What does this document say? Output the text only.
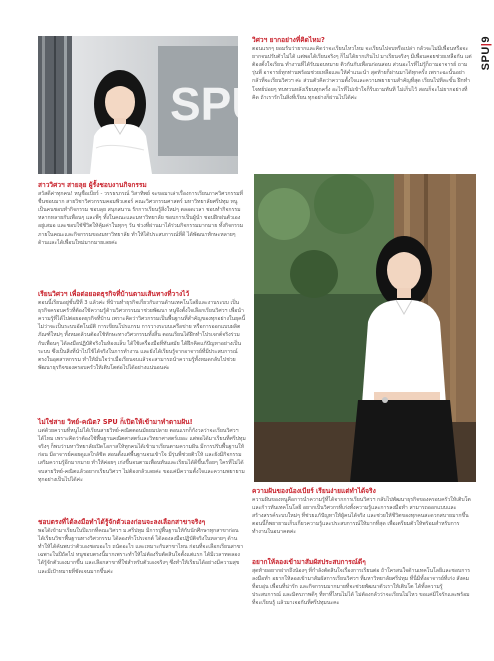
SPU
SPU|9
วิศวฯ ยากอย่างที่คิดไหม?
ตอนแรกๆ ยอมรับว่ายากและคิดว่าจะเรียนไหวไหม จะเรียนไปจบหรือเปล่า กลัวจะไม่มีเพื่อนหรือจะยากจนปรับตัวไม่ได้ แต่พอได้เรียนจริงๆ ก็ไม่ได้ยากเกินไป มาเรียนจริงๆ มีเพื่อนคอยช่วยเหลือกัน แต่ต้องตั้งใจเรียน ทำงานที่ได้รับมอบหมาย ติวกันกับเพื่อนก่อนสอบ ส่วนอะไรที่ไม่รู้ก็ถามอาจารย์ ถามรุ่นพี่ อาจารย์ทุกท่านพร้อมช่วยเหลือและให้คำแนะนำ สุดท้ายก็ผ่านมาได้ทุกครั้ง เพราะฉะนั้นอย่ากลัวที่จะเรียนวิศวฯ ค่ะ ส่วนตัวคิดว่าความตั้งใจและความพยายามสำคัญที่สุด เรียนไปทีละขั้น ฝึกทำโจทย์บ่อยๆ ทบทวนหลังเรียนทุกครั้ง อะไรที่ไม่เข้าใจก็รีบถามทันที ไม่เก็บไว้ สอบก็จะไม่ยากอย่างที่คิด ถ้าเรารักในสิ่งที่เรียน ทุกอย่างก็ผ่านไปได้ค่ะ
สาววิศวฯ สายลุย ผู้รั้งชอบงานกิจกรรม
สวัสดีค่าทุกคน! หนูชื่อเบียร์ - วรรธรภรณ์ วิสาทิพย์ จะขอมาเล่าเรื่องการเรียนภาควิศวกรรมที่ชื่นชอบมาก สายวิชาวิศวกรรมคอมพิวเตอร์ คณะวิศวกรรมศาสตร์ มหาวิทยาลัยศรีปทุม หนูเป็นคนชอบทำกิจกรรม ชอบลุย สนุกสนาน รักการเรียนรู้สิ่งใหม่ๆ ตลอดเวลา ชอบทำกิจกรรมหลากหลายกับเพื่อนๆ และพี่ๆ ทั้งในคณะและมหาวิทยาลัย ชอบการเป็นผู้นำ ชอบฝึกฝนตัวเองอยู่เสมอ และชอบใช้ชีวิตให้คุ้มค่าในทุกๆ วัน ช่วงที่ผ่านมาได้ร่วมกิจกรรมมากมาย ทั้งกิจกรรมภายในคณะและกิจกรรมของมหาวิทยาลัย ทำให้ได้ประสบการณ์ที่ดี ได้พัฒนาทักษะหลายๆ ด้านและได้เพื่อนใหม่มากมายเลยค่ะ
เรียนวิศวฯ เพื่อต่อยอดธุรกิจที่บ้านตามเส้นทางที่วางไว้
ตอนนี้เรียนอยู่ชั้นปีที่ 3 แล้วค่ะ ที่บ้านทำธุรกิจเกี่ยวกับงานด้านเทคโนโลยีและงานระบบ เป็นธุรกิจครอบครัวที่ต้องใช้ความรู้ด้านวิศวกรรมมาช่วยพัฒนา หนูจึงตั้งใจเลือกเรียนวิศวฯ เพื่อนำความรู้ที่ได้ไปต่อยอดธุรกิจที่บ้าน เพราะคิดว่าวิศวกรรมเป็นพื้นฐานที่สำคัญของทุกอย่างในยุคนี้ ไม่ว่าจะเป็นระบบอัตโนมัติ การเขียนโปรแกรม การวางระบบเครือข่าย หรือการออกแบบผลิตภัณฑ์ใหม่ๆ ทั้งหมดล้วนต้องใช้ทักษะทางวิศวกรรมทั้งสิ้น ตอนเรียนได้ฝึกทำโปรเจกต์จริงร่วมกับเพื่อนๆ ได้ลงมือปฏิบัติจริงในห้องแล็บ ได้ใช้เครื่องมือที่ทันสมัย ได้ฝึกคิดแก้ปัญหาอย่างเป็นระบบ ซึ่งเป็นสิ่งที่นำไปใช้ได้จริงในการทำงาน และยังได้เรียนรู้จากอาจารย์ที่มีประสบการณ์ตรงในอุตสาหกรรม ทำให้มั่นใจว่าเมื่อเรียนจบแล้วจะสามารถนำความรู้ทั้งหมดกลับไปช่วยพัฒนาธุรกิจของครอบครัวให้เติบโตต่อไปได้อย่างแน่นอนค่ะ
ไม่ใช่สาย วิทย์-คณิต? SPU ก็เปิดให้เข้ามาทำตามฝัน!
แต่ด้วยความที่หนูไม่ได้เรียนสายวิทย์-คณิตตอนมัธยมปลาย ตอนแรกก็กังวลว่าจะเรียนวิศวฯ ได้ไหม เพราะคิดว่าต้องใช้พื้นฐานคณิตศาสตร์และวิทยาศาสตร์เยอะ แต่พอได้มาเรียนที่ศรีปทุมจริงๆ ก็พบว่ามหาวิทยาลัยเปิดโอกาสให้ทุกคนได้เข้ามาเรียนตามความฝัน มีการปรับพื้นฐานให้ก่อน มีอาจารย์คอยดูแลใกล้ชิด สอนตั้งแต่พื้นฐานจนเข้าใจ มีรุ่นพี่ช่วยติวให้ และยังมีกิจกรรมเสริมความรู้อีกมากมาย ทำให้ค่อยๆ เก่งขึ้นจนตามเพื่อนทันและเรียนได้ดีขึ้นเรื่อยๆ ใครที่ไม่ได้จบสายวิทย์-คณิตแล้วอยากเรียนวิศวฯ ไม่ต้องกลัวเลยค่ะ ขอแค่มีความตั้งใจและความพยายาม ทุกอย่างเป็นไปได้ค่ะ
ชอบตรงที่ได้ลงมือทำได้รู้จักตัวเองก่อนจะลงเลือกสาขาจริงๆ
พอได้เข้ามาเรียนในปีแรกที่คณะวิศวฯ ม.ศรีปทุม มีการปูพื้นฐานให้กับนักศึกษาทุกสาขาก่อน ได้เรียนวิชาพื้นฐานทางวิศวกรรม ได้ลองทำโปรเจกต์ ได้ลองลงมือปฏิบัติจริงในหลายๆ ด้าน ทำให้ได้ค้นพบว่าตัวเองชอบอะไร ถนัดอะไร และเหมาะกับสาขาไหน ก่อนที่จะเลือกเรียนสาขาเฉพาะในปีถัดไป หนูชอบตรงนี้มากเพราะทำให้ไม่ต้องรีบตัดสินใจตั้งแต่แรก ได้มีเวลาทดลอง ได้รู้จักตัวเองมากขึ้น และเลือกสาขาที่ใช่สำหรับตัวเองจริงๆ ซึ่งทำให้เรียนได้อย่างมีความสุขและมีเป้าหมายที่ชัดเจนมากขึ้นค่ะ
ความฝันของน้องเบียร์ เรียนง่ายแต่ทำได้จริง
ความฝันของหนูคือการนำความรู้ที่ได้จากการเรียนวิศวฯ กลับไปพัฒนาธุรกิจของครอบครัวให้เติบโตและก้าวทันเทคโนโลยี อยากเป็นวิศวกรที่เก่งทั้งความรู้และการลงมือทำ สามารถออกแบบและสร้างสรรค์ระบบใหม่ๆ ที่ช่วยแก้ปัญหาให้ผู้คนได้จริง และช่วยให้ชีวิตของทุกคนสะดวกสบายมากขึ้น ตอนนี้ก็พยายามเก็บเกี่ยวความรู้และประสบการณ์ให้มากที่สุด เพื่อเตรียมตัวให้พร้อมสำหรับการทำงานในอนาคตค่ะ
อยากให้ลองเข้ามาสัมผัสประสบการณ์ดีๆ
สุดท้ายอยากฝากถึงน้องๆ ที่กำลังตัดสินใจเรื่องการเรียนต่อ ถ้าใครสนใจด้านเทคโนโลยีและชอบการลงมือทำ อยากให้ลองเข้ามาสัมผัสการเรียนวิศวฯ ที่มหาวิทยาลัยศรีปทุม ที่นี่มีทั้งอาจารย์ที่เก่ง สังคมที่อบอุ่น เพื่อนที่น่ารัก และกิจกรรมมากมายที่จะช่วยพัฒนาตัวเราให้เติบโต ได้ทั้งความรู้ ประสบการณ์ และมิตรภาพดีๆ ที่หาที่ไหนไม่ได้ ไม่ต้องกลัวว่าจะเรียนไม่ไหว ขอแค่มีใจรักและพร้อมที่จะเรียนรู้ แล้วมาเจอกันที่ศรีปทุมนะคะ
